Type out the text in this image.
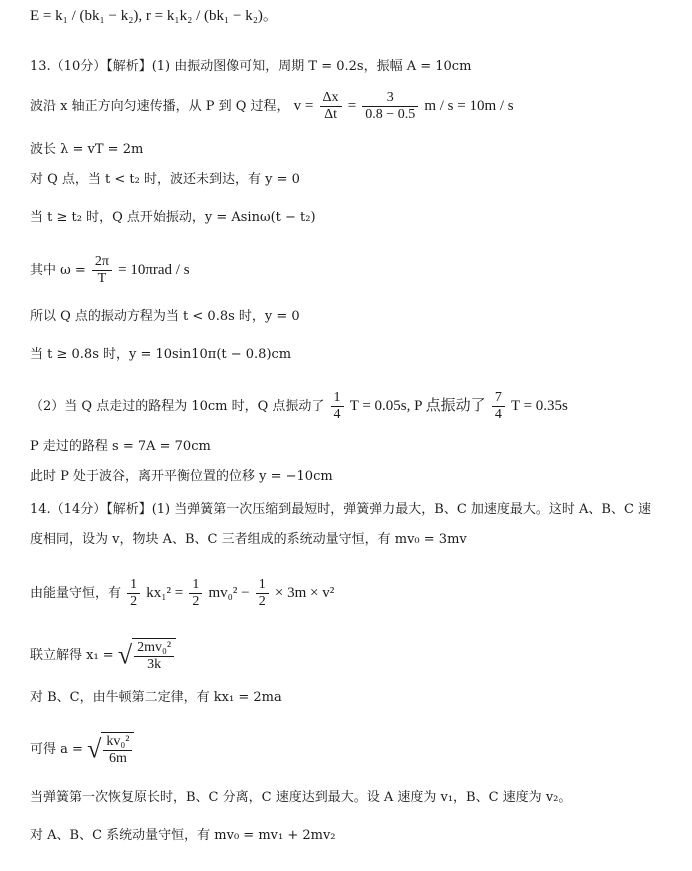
E = k₁ / (bk₁ − k₂), r = k₁k₂ / (bk₁ − k₂)。
13.（10分）【解析】(1) 由振动图像可知，周期 T = 0.2s，振幅 A = 10cm
波沿 x 轴正方向匀速传播，从 P 到 Q 过程， $v = \frac{\Delta x}{\Delta t} = \frac{3}{0.8 - 0.5}$ m / s = 10m / s
波长 λ = vT = 2m
对 Q 点，当 t < t₂ 时，波还未到达，有 y = 0
当 t ≥ t₂ 时，Q 点开始振动，y = Asinω(t − t₂)
其中 $\omega = \frac{2\pi}{T} = 10\pi rad / s$
所以 Q 点的振动方程为当 t < 0.8s 时，y = 0
当 t ≥ 0.8s 时，y = 10sin10π(t − 0.8)cm
（2）当 Q 点走过的路程为 10cm 时，Q 点振动了 $\frac{1}{4}$ T = 0.05s, P 点振动了 $\frac{7}{4}$ T = 0.35s
P 走过的路程 s = 7A = 70cm
此时 P 处于波谷，离开平衡位置的位移 y = −10cm
14.（14分）【解析】(1) 当弹簧第一次压缩到最短时，弹簧弹力最大，B、C 加速度最大。这时 A、B、C 速
度相同，设为 v，物块 A、B、C 三者组成的系统动量守恒，有 mv₀ = 3mv
由能量守恒，有 $\frac{1}{2} kx_1^2 = \frac{1}{2} mv_0^2 - \frac{1}{2} \times 3m \times v^2$
联立解得 x₁ = √ $\frac{\text{2mv₀²}}{3k}$
对 B、C，由牛顿第二定律，有 kx₁ = 2ma
可得 a = √ $\frac{\text{kv₀²}}{6m}$
当弹簧第一次恢复原长时，B、C 分离，C 速度达到最大。设 A 速度为 v₁，B、C 速度为 v₂。
对 A、B、C 系统动量守恒，有 mv₀ = mv₁ + 2mv₂
